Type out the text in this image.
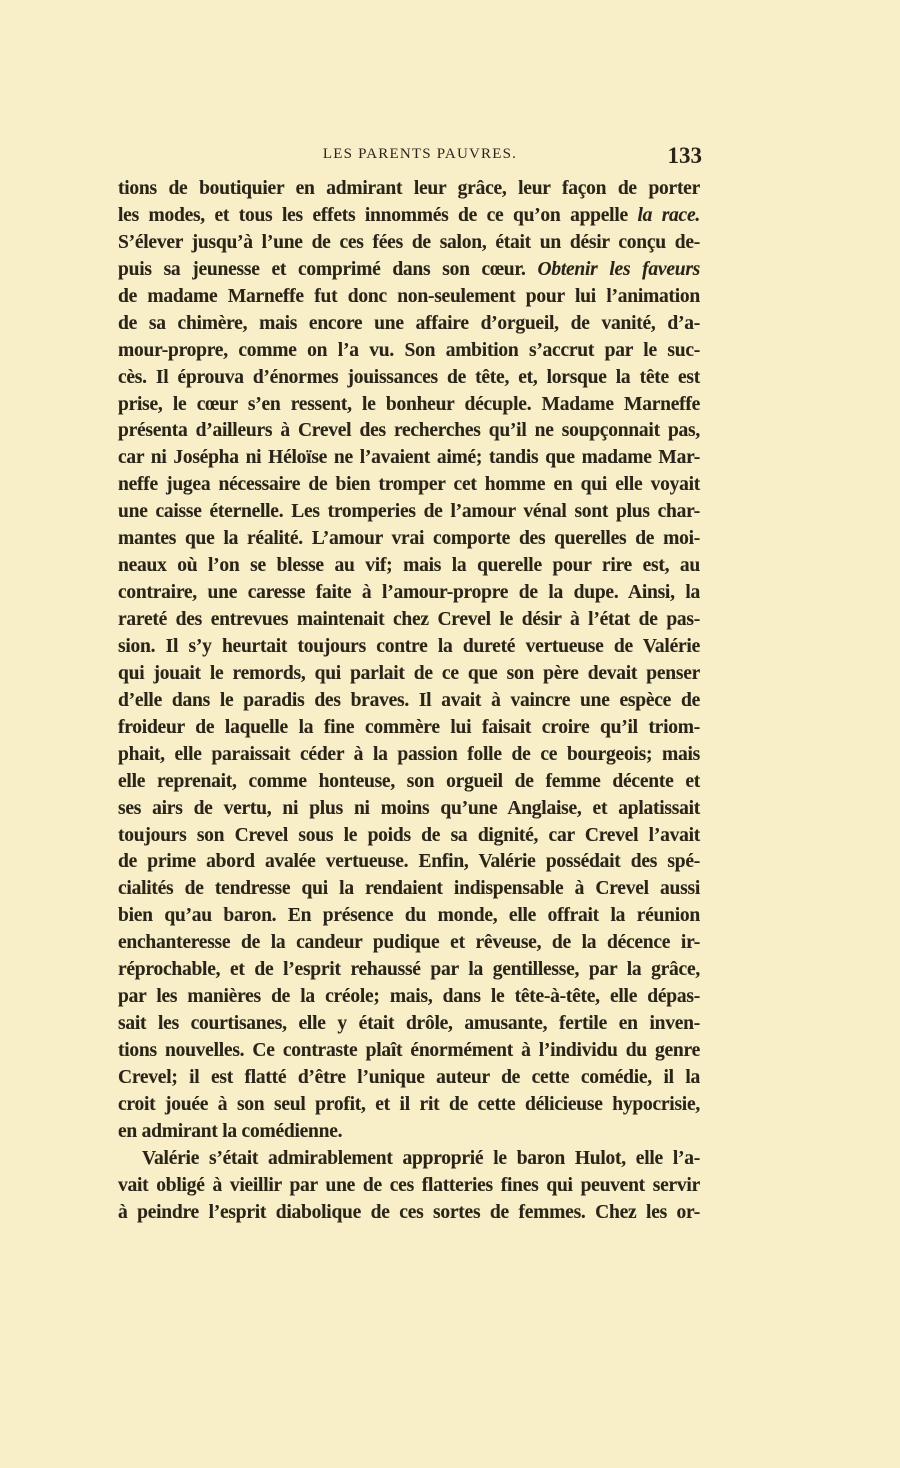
LES PARENTS PAUVRES.	133
tions de boutiquier en admirant leur grâce, leur façon de porter
les modes, et tous les effets innommés de ce qu’on appelle la race.
S’élever jusqu’à l’une de ces fées de salon, était un désir conçu de-
puis sa jeunesse et comprimé dans son cœur. Obtenir les faveurs
de madame Marneffe fut donc non-seulement pour lui l’animation
de sa chimère, mais encore une affaire d’orgueil, de vanité, d’a-
mour-propre, comme on l’a vu. Son ambition s’accrut par le suc-
cès. Il éprouva d’énormes jouissances de tête, et, lorsque la tête est
prise, le cœur s’en ressent, le bonheur décuple. Madame Marneffe
présenta d’ailleurs à Crevel des recherches qu’il ne soupçonnait pas,
car ni Josépha ni Héloïse ne l’avaient aimé; tandis que madame Mar-
neffe jugea nécessaire de bien tromper cet homme en qui elle voyait
une caisse éternelle. Les tromperies de l’amour vénal sont plus char-
mantes que la réalité. L’amour vrai comporte des querelles de moi-
neaux où l’on se blesse au vif; mais la querelle pour rire est, au
contraire, une caresse faite à l’amour-propre de la dupe. Ainsi, la
rareté des entrevues maintenait chez Crevel le désir à l’état de pas-
sion. Il s’y heurtait toujours contre la dureté vertueuse de Valérie
qui jouait le remords, qui parlait de ce que son père devait penser
d’elle dans le paradis des braves. Il avait à vaincre une espèce de
froideur de laquelle la fine commère lui faisait croire qu’il triom-
phait, elle paraissait céder à la passion folle de ce bourgeois; mais
elle reprenait, comme honteuse, son orgueil de femme décente et
ses airs de vertu, ni plus ni moins qu’une Anglaise, et aplatissait
toujours son Crevel sous le poids de sa dignité, car Crevel l’avait
de prime abord avalée vertueuse. Enfin, Valérie possédait des spé-
cialités de tendresse qui la rendaient indispensable à Crevel aussi
bien qu’au baron. En présence du monde, elle offrait la réunion
enchanteresse de la candeur pudique et rêveuse, de la décence ir-
réprochable, et de l’esprit rehaussé par la gentillesse, par la grâce,
par les manières de la créole; mais, dans le tête-à-tête, elle dépas-
sait les courtisanes, elle y était drôle, amusante, fertile en inven-
tions nouvelles. Ce contraste plaît énormément à l’individu du genre
Crevel; il est flatté d’être l’unique auteur de cette comédie, il la
croit jouée à son seul profit, et il rit de cette délicieuse hypocrisie,
en admirant la comédienne.
Valérie s’était admirablement approprié le baron Hulot, elle l’a-
vait obligé à vieillir par une de ces flatteries fines qui peuvent servir
à peindre l’esprit diabolique de ces sortes de femmes. Chez les or-
